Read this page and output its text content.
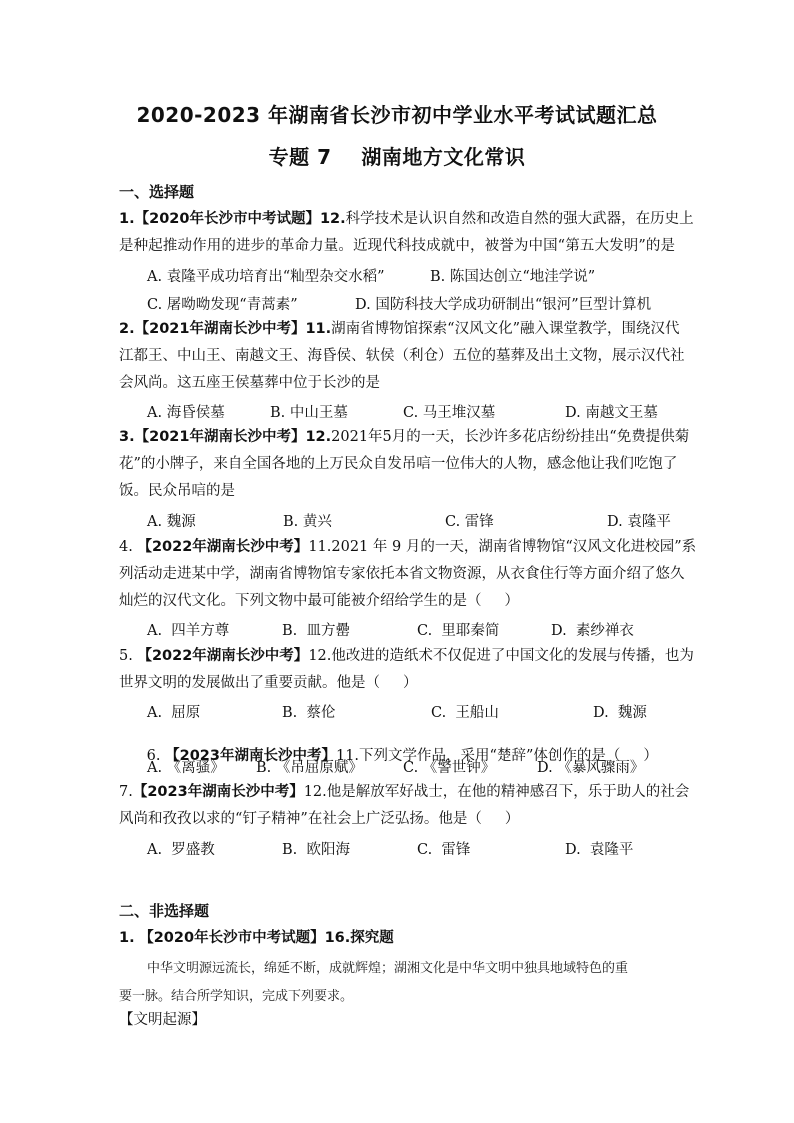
2020-2023 年湖南省长沙市初中学业水平考试试题汇总
专题 7    湖南地方文化常识
一、选择题
1.【2020年长沙市中考试题】12.科学技术是认识自然和改造自然的强大武器，在历史上
是种起推动作用的进步的革命力量。近现代科技成就中，被誉为中国“第五大发明”的是
A. 袁隆平成功培育出“籼型杂交水稻”	B. 陈国达创立“地洼学说”
C. 屠呦呦发现“青蒿素”	D. 国防科技大学成功研制出“银河”巨型计算机
2.【2021年湖南长沙中考】11.湖南省博物馆探索“汉风文化”融入课堂教学，围绕汉代
江都王、中山王、南越文王、海昏侯、轪侯（利仓）五位的墓葬及出土文物，展示汉代社
会风尚。这五座王侯墓葬中位于长沙的是
A. 海昏侯墓	B. 中山王墓	C. 马王堆汉墓	D. 南越文王墓
3.【2021年湖南长沙中考】12.2021年5月的一天，长沙许多花店纷纷挂出“免费提供菊
花”的小牌子，来自全国各地的上万民众自发吊唁一位伟大的人物，感念他让我们吃饱了
饭。民众吊唁的是
A. 魏源	B. 黄兴	C. 雷锋	D. 袁隆平
4. 【2022年湖南长沙中考】11.2021 年 9 月的一天，湖南省博物馆“汉风文化进校园”系
列活动走进某中学，湖南省博物馆专家依托本省文物资源，从衣食住行等方面介绍了悠久
灿烂的汉代文化。下列文物中最可能被介绍给学生的是（     ）
A.  四羊方尊	B.  皿方罍	C.  里耶秦简	D.  素纱禅衣
5. 【2022年湖南长沙中考】12.他改进的造纸术不仅促进了中国文化的发展与传播，也为
世界文明的发展做出了重要贡献。他是（     ）
A.  屈原	B.  蔡伦	C.  王船山	D.  魏源

6. 【2023年湖南长沙中考】11.下列文学作品，采用“楚辞”体创作的是（     ）

A. 《离骚》 B. 《吊屈原赋》	C. 《警世钟》	D. 《暴风骤雨》
7.【2023年湖南长沙中考】12.他是解放军好战士，在他的精神感召下，乐于助人的社会
风尚和孜孜以求的“钉子精神”在社会上广泛弘扬。他是（     ）
A.  罗盛教	B.  欧阳海	C.  雷锋	D.  袁隆平
二、非选择题
1. 【2020年长沙市中考试题】16.探究题
中华文明源远流长，绵延不断，成就辉煌；湖湘文化是中华文明中独具地域特色的重
要一脉。结合所学知识，完成下列要求。
【文明起源】
